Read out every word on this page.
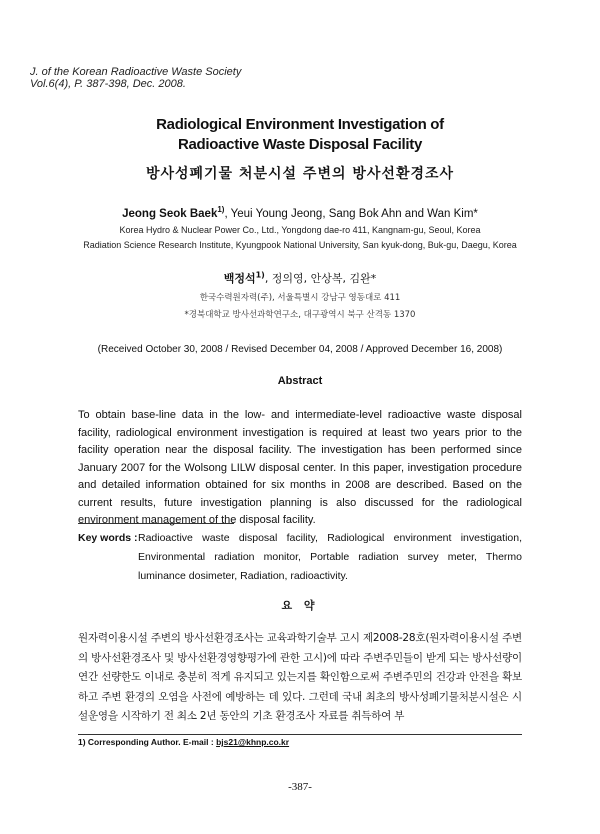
J. of the Korean Radioactive Waste Society
Vol.6(4), P. 387-398, Dec. 2008.
Radiological Environment Investigation of
Radioactive Waste Disposal Facility
방사성폐기물 처분시설 주변의 방사선환경조사
Jeong Seok Baek$^{1)}$, Yeui Young Jeong, Sang Bok Ahn and Wan Kim*
Korea Hydro & Nuclear Power Co., Ltd., Yongdong dae-ro 411, Kangnam-gu, Seoul, Korea
Radiation Science Research Institute, Kyungpook National University, San kyuk-dong, Buk-gu, Daegu, Korea
백정석$^{1)}$, 정의영, 안상복, 김완*
한국수력원자력(주), 서울특별시 강남구 영동대로 411
*경북대학교 방사선과학연구소, 대구광역시 북구 산격동 1370
(Received October 30, 2008 / Revised December 04, 2008 / Approved December 16, 2008)
Abstract
To obtain base-line data in the low- and intermediate-level radioactive waste disposal facility, radiological environment investigation is required at least two years prior to the facility operation near the disposal facility. The investigation has been performed since January 2007 for the Wolsong LILW disposal center. In this paper, investigation procedure and detailed information obtained for six months in 2008 are described. Based on the current results, future investigation planning is also discussed for the radiological environment management of the disposal facility.
Key words : Radioactive waste disposal facility, Radiological environment investigation, Environmental radiation monitor, Portable radiation survey meter, Thermo luminance dosimeter, Radiation, radioactivity.
요 약
원자력이용시설 주변의 방사선환경조사는 교육과학기술부 고시 제2008-28호(원자력이용시설 주변의 방사선환경조사 및 방사선환경영향평가에 관한 고시)에 따라 주변주민들이 받게 되는 방사선량이 연간 선량한도 이내로 충분히 적게 유지되고 있는지를 확인함으로써 주변주민의 건강과 안전을 확보하고 주변 환경의 오염을 사전에 예방하는 데 있다. 그런데 국내 최초의 방사성폐기물처분시설은 시설운영을 시작하기 전 최소 2년 동안의 기초 환경조사 자료를 취득하여 부
1) Corresponding Author. E-mail : bjs21@khnp.co.kr
-387-
